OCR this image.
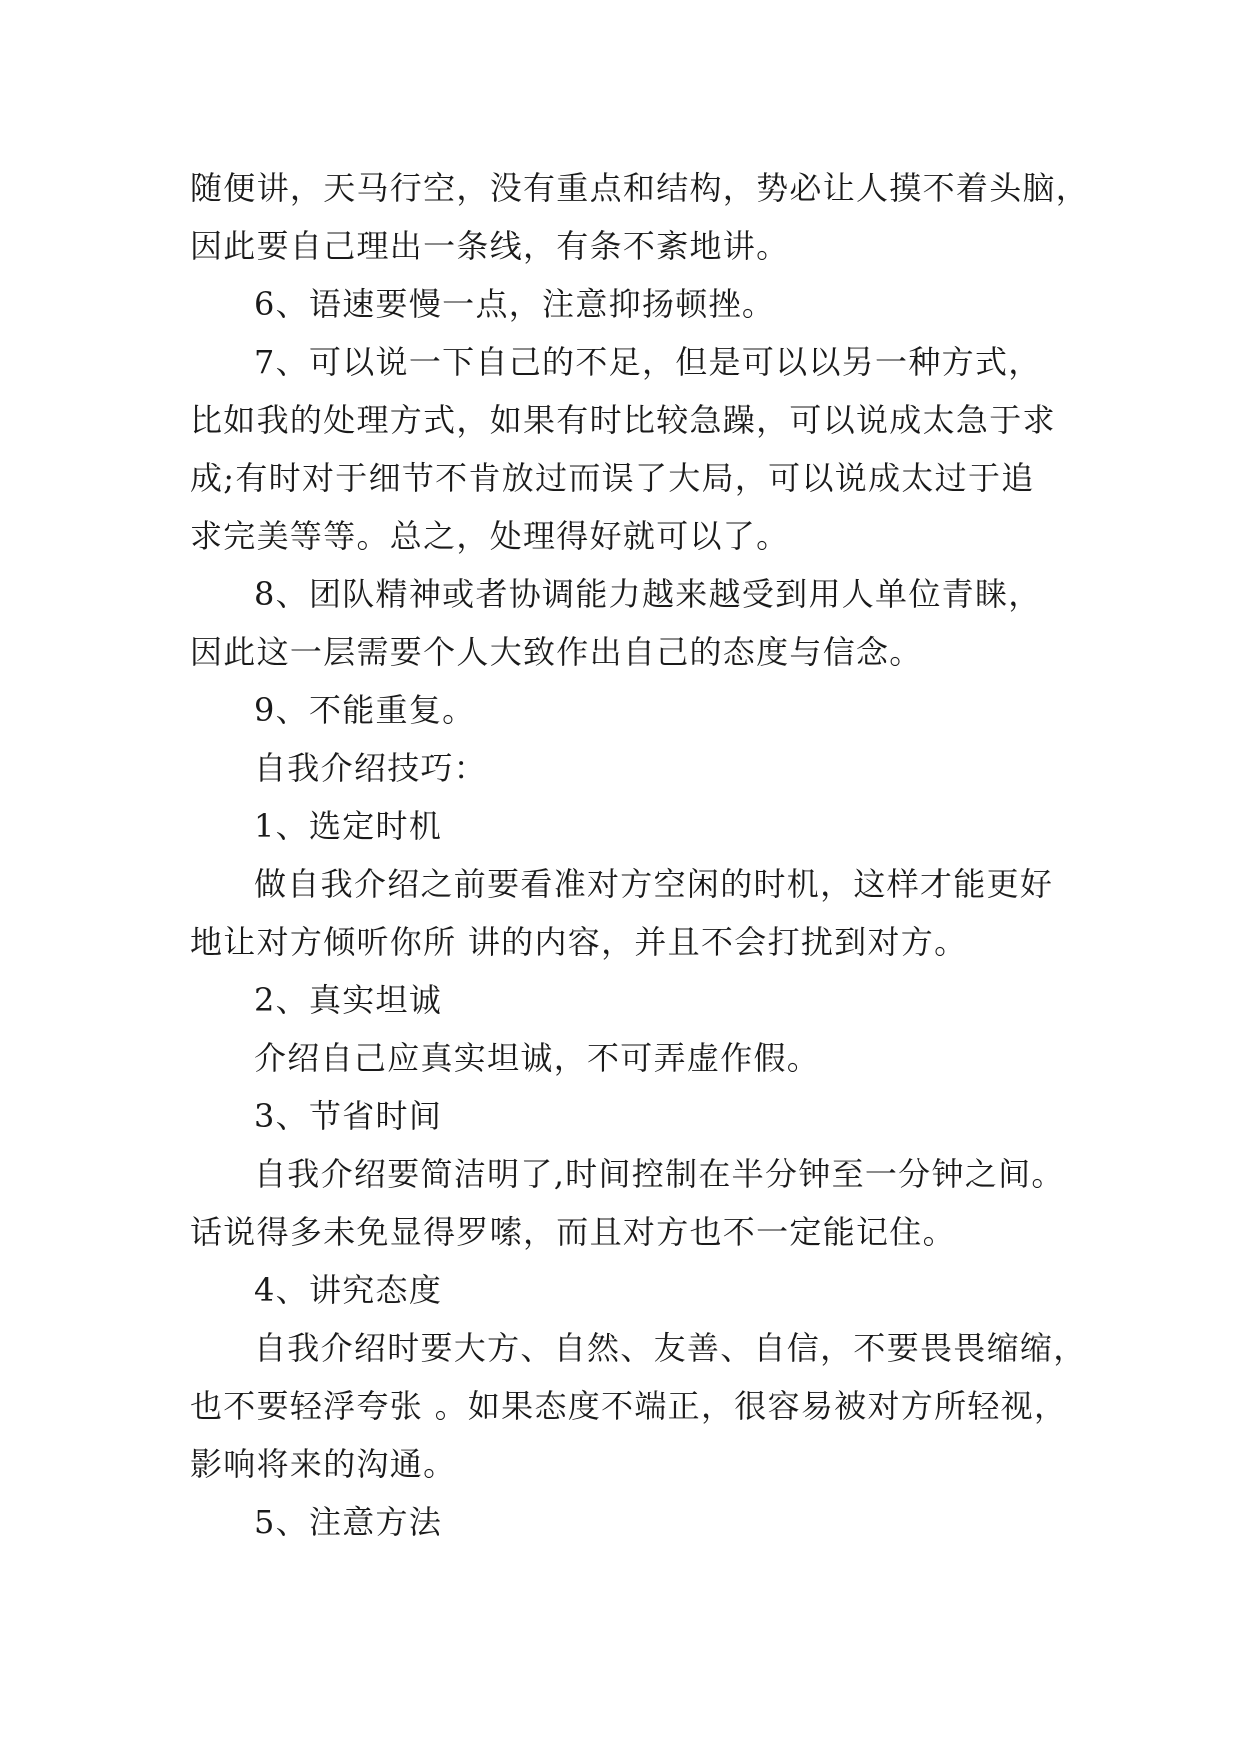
随便讲，天马行空，没有重点和结构，势必让人摸不着头脑，

因此要自己理出一条线，有条不紊地讲。

6、语速要慢一点，注意抑扬顿挫。

7、可以说一下自己的不足，但是可以以另一种方式，

比如我的处理方式，如果有时比较急躁，可以说成太急于求

成;有时对于细节不肯放过而误了大局，可以说成太过于追

求完美等等。总之，处理得好就可以了。

8、团队精神或者协调能力越来越受到用人单位青睐，

因此这一层需要个人大致作出自己的态度与信念。

9、不能重复。

自我介绍技巧：

1、选定时机

做自我介绍之前要看准对方空闲的时机，这样才能更好

地让对方倾听你所 讲的内容，并且不会打扰到对方。

2、真实坦诚

介绍自己应真实坦诚，不可弄虚作假。

3、节省时间

自我介绍要简洁明了,时间控制在半分钟至一分钟之间。

话说得多未免显得罗嗦，而且对方也不一定能记住。

4、讲究态度

自我介绍时要大方、自然、友善、自信，不要畏畏缩缩，

也不要轻浮夸张 。如果态度不端正，很容易被对方所轻视，

影响将来的沟通。

5、注意方法
